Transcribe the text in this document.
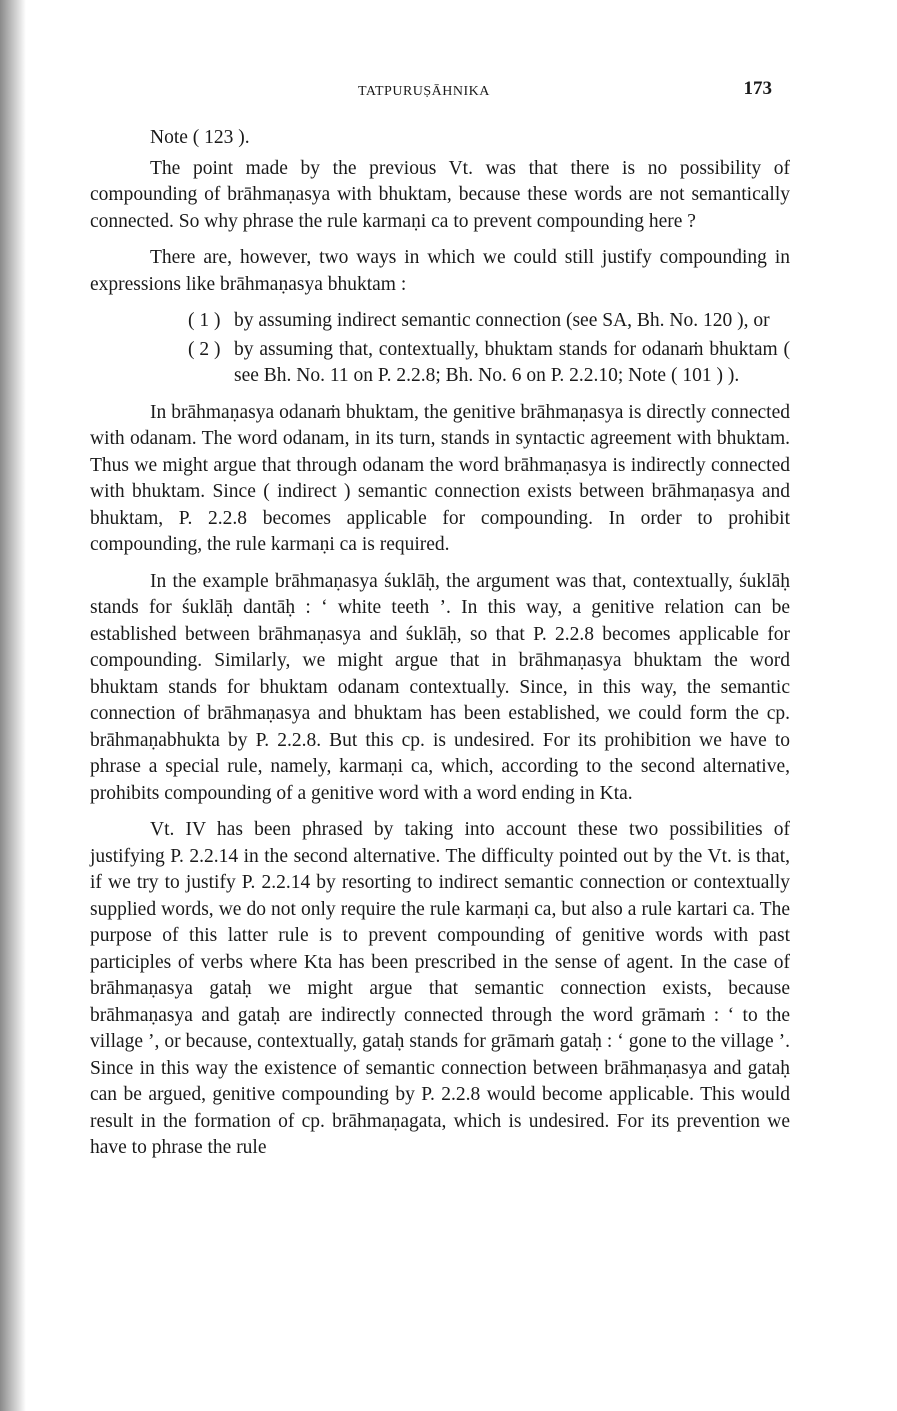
TATPURUṢĀHNIKA	173

Note ( 123 ).

The point made by the previous Vt. was that there is no possibility of compounding of brāhmaṇasya with bhuktam, because these words are not semantically connected. So why phrase the rule karmaṇi ca to prevent compounding here ?

There are, however, two ways in which we could still justify compounding in expressions like brāhmaṇasya bhuktam :

( 1 ) by assuming indirect semantic connection (see SA, Bh. No. 120 ), or
( 2 ) by assuming that, contextually, bhuktam stands for odanaṁ bhuktam ( see Bh. No. 11 on P. 2.2.8; Bh. No. 6 on P. 2.2.10; Note ( 101 ) ).

In brāhmaṇasya odanaṁ bhuktam, the genitive brāhmaṇasya is directly connected with odanam. The word odanam, in its turn, stands in syntactic agreement with bhuktam. Thus we might argue that through odanam the word brāhmaṇasya is indirectly connected with bhuktam. Since ( indirect ) semantic connection exists between brāhmaṇasya and bhuktam, P. 2.2.8 becomes applicable for compounding. In order to prohibit compounding, the rule karmaṇi ca is required.

In the example brāhmaṇasya śuklāḥ, the argument was that, contextually, śuklāḥ stands for śuklāḥ dantāḥ : ‘ white teeth ’. In this way, a genitive relation can be established between brāhmaṇasya and śuklāḥ, so that P. 2.2.8 becomes applicable for compounding. Similarly, we might argue that in brāhmaṇasya bhuktam the word bhuktam stands for bhuktam odanam contextually. Since, in this way, the semantic connection of brāhmaṇasya and bhuktam has been established, we could form the cp. brāhmaṇabhukta by P. 2.2.8. But this cp. is undesired. For its prohibition we have to phrase a special rule, namely, karmaṇi ca, which, according to the second alternative, prohibits compounding of a genitive word with a word ending in Kta.

Vt. IV has been phrased by taking into account these two possibilities of justifying P. 2.2.14 in the second alternative. The difficulty pointed out by the Vt. is that, if we try to justify P. 2.2.14 by resorting to indirect semantic connection or contextually supplied words, we do not only require the rule karmaṇi ca, but also a rule kartari ca. The purpose of this latter rule is to prevent compounding of genitive words with past participles of verbs where Kta has been prescribed in the sense of agent. In the case of brāhmaṇasya gataḥ we might argue that semantic connection exists, because brāhmaṇasya and gataḥ are indirectly connected through the word grāmaṁ : ‘ to the village ’, or because, contextually, gataḥ stands for grāmaṁ gataḥ : ‘ gone to the village ’. Since in this way the existence of semantic connection between brāhmaṇasya and gataḥ can be argued, genitive compounding by P. 2.2.8 would become applicable. This would result in the formation of cp. brāhmaṇagata, which is undesired. For its prevention we have to phrase the rule
